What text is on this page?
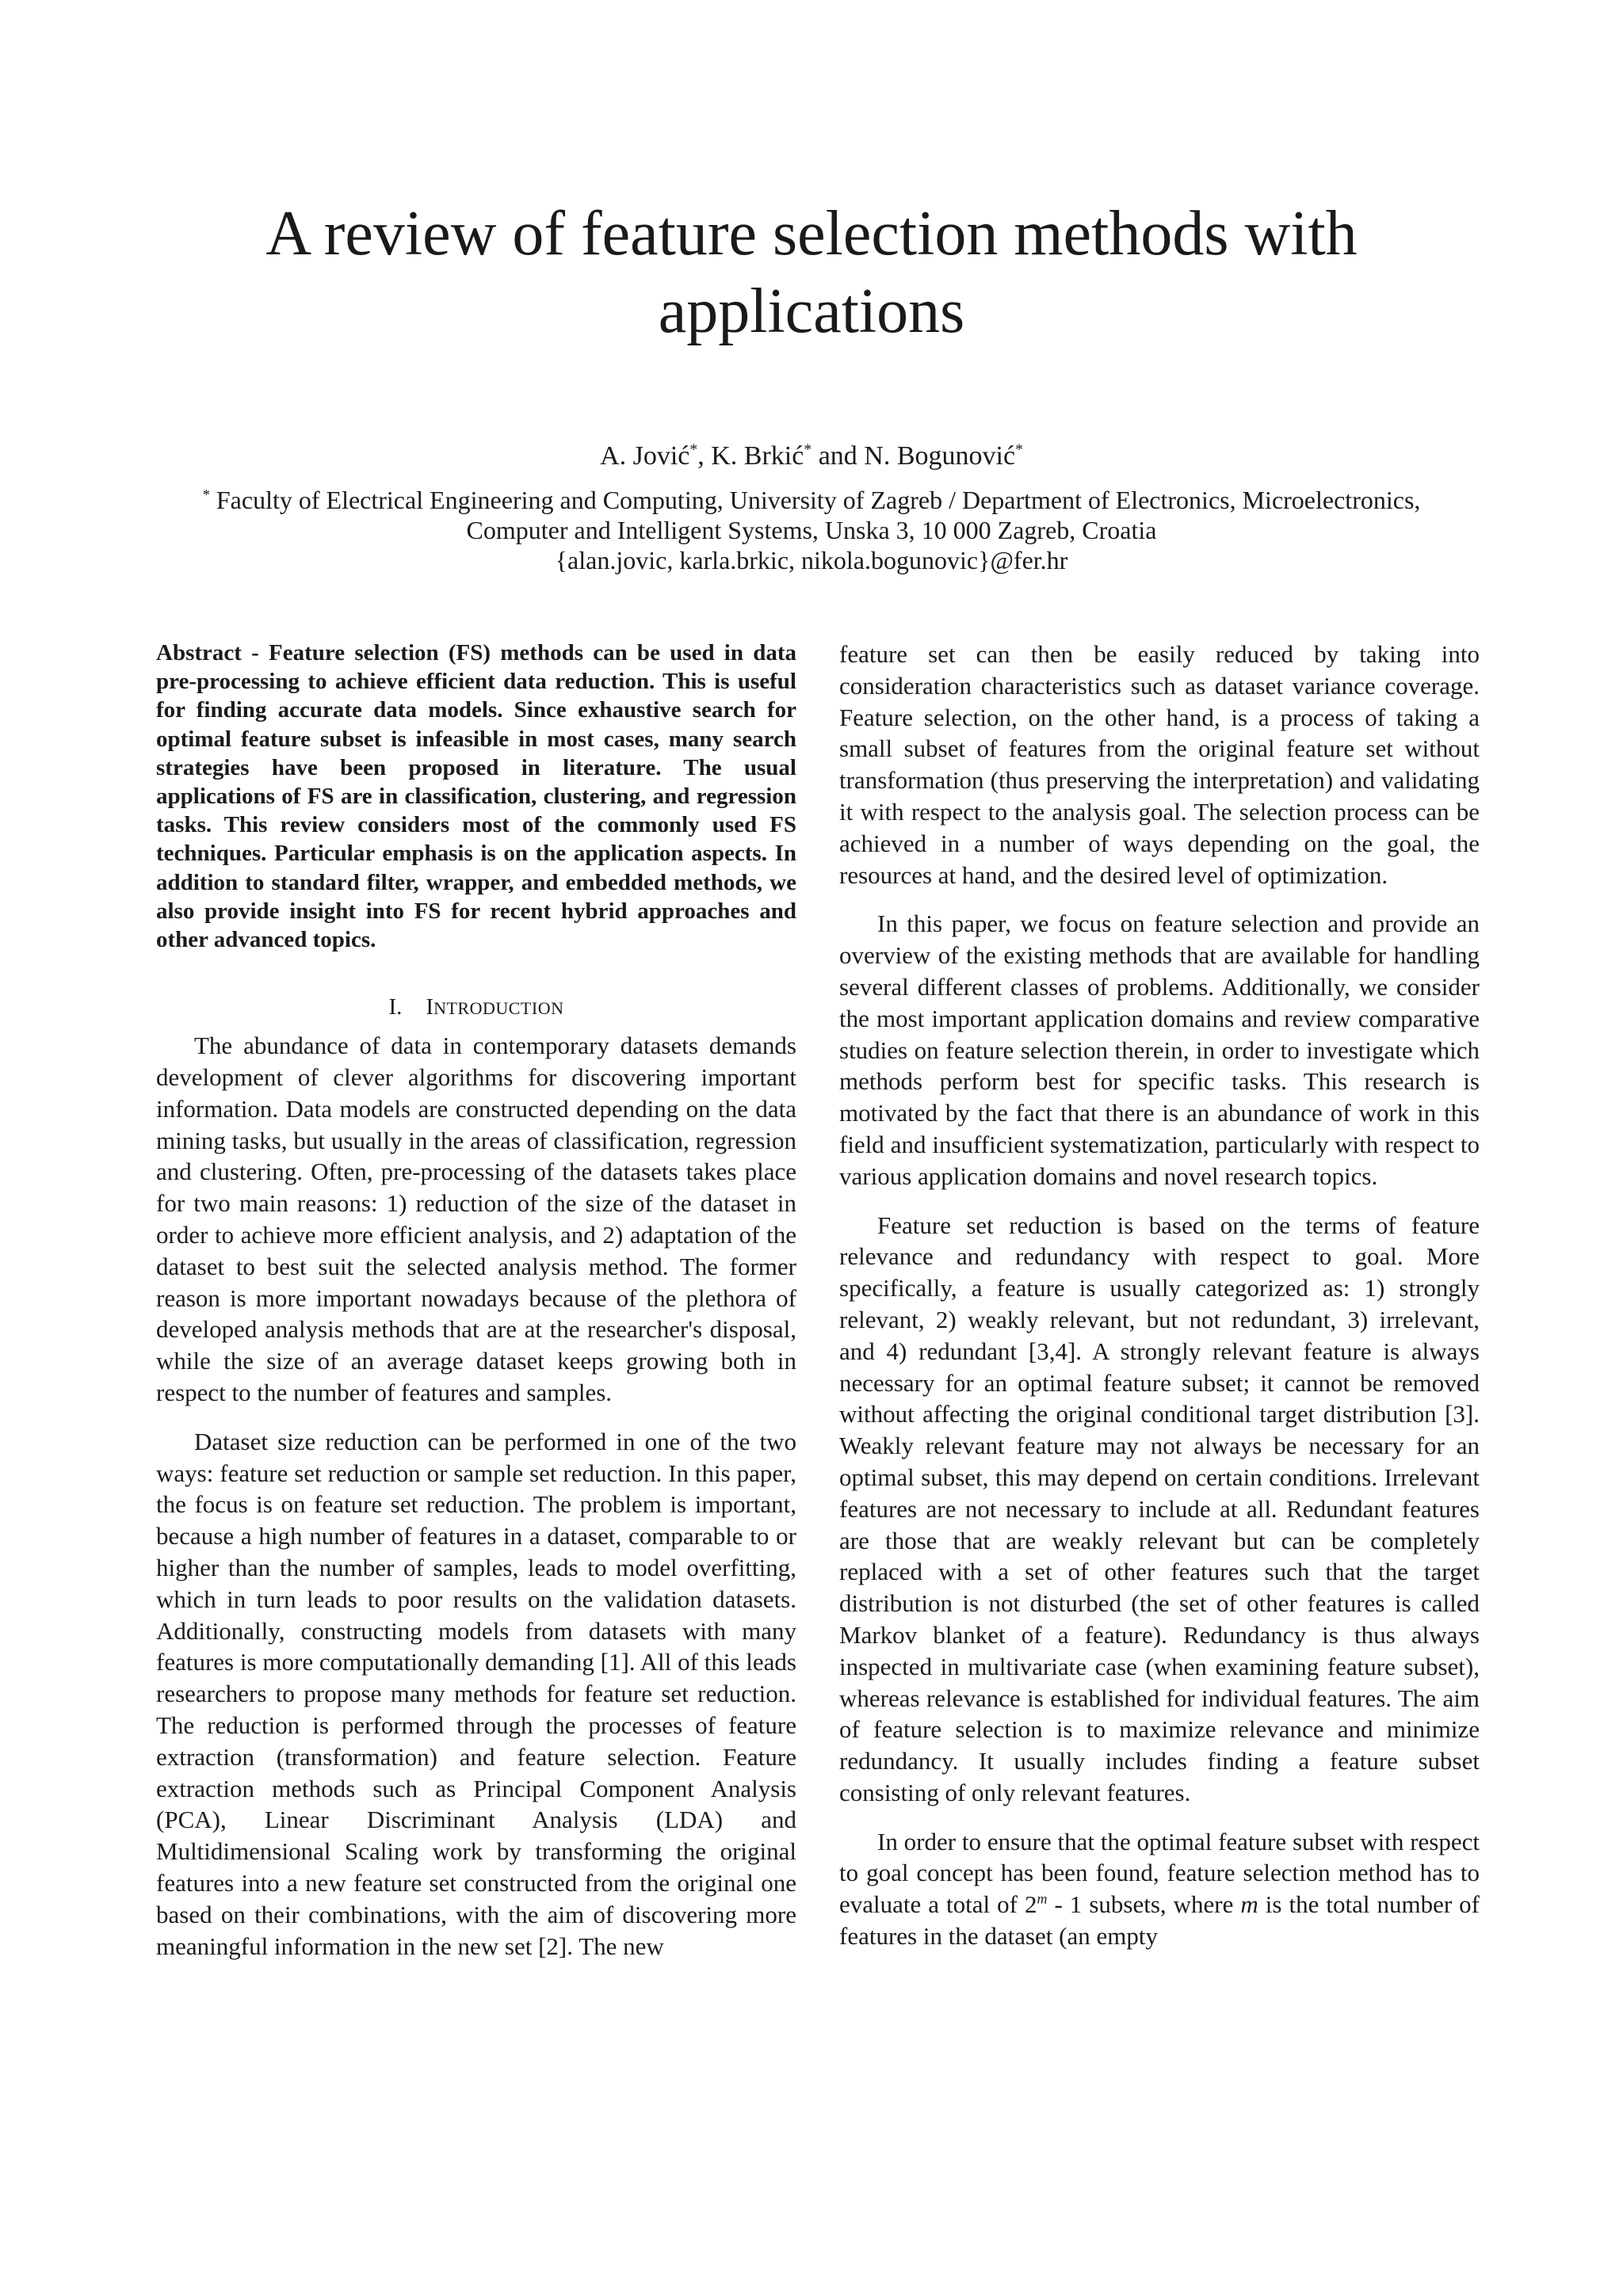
A review of feature selection methods with
applications

A. Jović*, K. Brkić* and N. Bogunović*

* Faculty of Electrical Engineering and Computing, University of Zagreb / Department of Electronics, Microelectronics,

Computer and Intelligent Systems, Unska 3, 10 000 Zagreb, Croatia

{alan.jovic, karla.brkic, nikola.bogunovic}@fer.hr

Abstract - Feature selection (FS) methods can be used in data pre-processing to achieve efficient data reduction. This is useful for finding accurate data models. Since exhaustive search for optimal feature subset is infeasible in most cases, many search strategies have been proposed in literature. The usual applications of FS are in classification, clustering, and regression tasks. This review considers most of the commonly used FS techniques. Particular emphasis is on the application aspects. In addition to standard filter, wrapper, and embedded methods, we also provide insight into FS for recent hybrid approaches and other advanced topics.

I. INTRODUCTION

The abundance of data in contemporary datasets demands development of clever algorithms for discovering important information. Data models are constructed depending on the data mining tasks, but usually in the areas of classification, regression and clustering. Often, pre-processing of the datasets takes place for two main reasons: 1) reduction of the size of the dataset in order to achieve more efficient analysis, and 2) adaptation of the dataset to best suit the selected analysis method. The former reason is more important nowadays because of the plethora of developed analysis methods that are at the researcher's disposal, while the size of an average dataset keeps growing both in respect to the number of features and samples.

Dataset size reduction can be performed in one of the two ways: feature set reduction or sample set reduction. In this paper, the focus is on feature set reduction. The problem is important, because a high number of features in a dataset, comparable to or higher than the number of samples, leads to model overfitting, which in turn leads to poor results on the validation datasets. Additionally, constructing models from datasets with many features is more computationally demanding [1]. All of this leads researchers to propose many methods for feature set reduction. The reduction is performed through the processes of feature extraction (transformation) and feature selection. Feature extraction methods such as Principal Component Analysis (PCA), Linear Discriminant Analysis (LDA) and Multidimensional Scaling work by transforming the original features into a new feature set constructed from the original one based on their combinations, with the aim of discovering more meaningful information in the new set [2]. The new

feature set can then be easily reduced by taking into consideration characteristics such as dataset variance coverage. Feature selection, on the other hand, is a process of taking a small subset of features from the original feature set without transformation (thus preserving the interpretation) and validating it with respect to the analysis goal. The selection process can be achieved in a number of ways depending on the goal, the resources at hand, and the desired level of optimization.

In this paper, we focus on feature selection and provide an overview of the existing methods that are available for handling several different classes of problems. Additionally, we consider the most important application domains and review comparative studies on feature selection therein, in order to investigate which methods perform best for specific tasks. This research is motivated by the fact that there is an abundance of work in this field and insufficient systematization, particularly with respect to various application domains and novel research topics.

Feature set reduction is based on the terms of feature relevance and redundancy with respect to goal. More specifically, a feature is usually categorized as: 1) strongly relevant, 2) weakly relevant, but not redundant, 3) irrelevant, and 4) redundant [3,4]. A strongly relevant feature is always necessary for an optimal feature subset; it cannot be removed without affecting the original conditional target distribution [3]. Weakly relevant feature may not always be necessary for an optimal subset, this may depend on certain conditions. Irrelevant features are not necessary to include at all. Redundant features are those that are weakly relevant but can be completely replaced with a set of other features such that the target distribution is not disturbed (the set of other features is called Markov blanket of a feature). Redundancy is thus always inspected in multivariate case (when examining feature subset), whereas relevance is established for individual features. The aim of feature selection is to maximize relevance and minimize redundancy. It usually includes finding a feature subset consisting of only relevant features.

In order to ensure that the optimal feature subset with respect to goal concept has been found, feature selection method has to evaluate a total of 2$^m$ - 1 subsets, where m is the total number of features in the dataset (an empty
